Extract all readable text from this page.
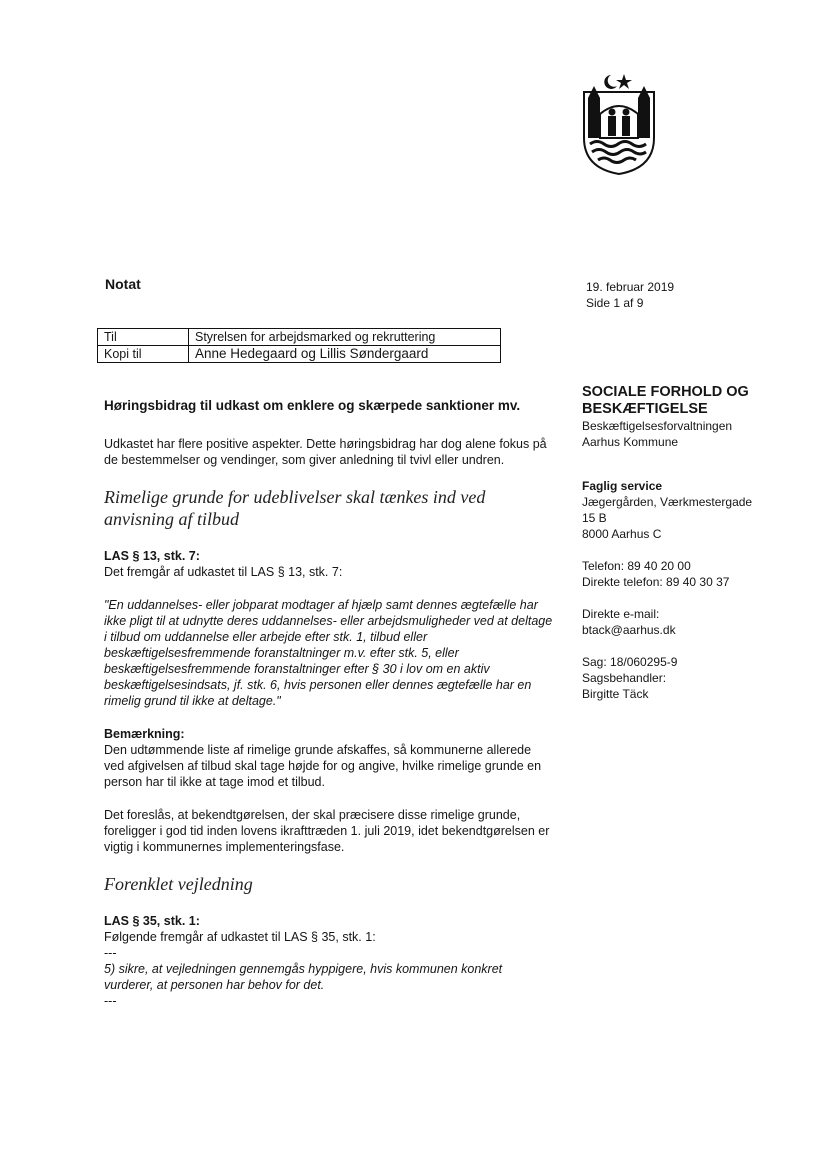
Notat	19. februar 2019
Side 1 af 9
Til	Styrelsen for arbejdsmarked og rekruttering
Kopi til	Anne Hedegaard og Lillis Søndergaard

Høringsbidrag til udkast om enklere og skærpede sanktioner mv.

Udkastet har flere positive aspekter. Dette høringsbidrag har dog alene fokus på de bestemmelser og vendinger, som giver anledning til tvivl eller undren.

Rimelige grunde for udeblivelser skal tænkes ind ved anvisning af tilbud

LAS § 13, stk. 7:

Det fremgår af udkastet til LAS § 13, stk. 7:

"En uddannelses- eller jobparat modtager af hjælp samt dennes ægtefælle har ikke pligt til at udnytte deres uddannelses- eller arbejdsmuligheder ved at deltage i tilbud om uddannelse eller arbejde efter stk. 1, tilbud eller beskæftigelsesfremmende foranstaltninger m.v. efter stk. 5, eller beskæftigelsesfremmende foranstaltninger efter § 30 i lov om en aktiv beskæftigelsesindsats, jf. stk. 6, hvis personen eller dennes ægtefælle har en rimelig grund til ikke at deltage."

Bemærkning:

Den udtømmende liste af rimelige grunde afskaffes, så kommunerne allerede ved afgivelsen af tilbud skal tage højde for og angive, hvilke rimelige grunde en person har til ikke at tage imod et tilbud.

Det foreslås, at bekendtgørelsen, der skal præcisere disse rimelige grunde, foreligger i god tid inden lovens ikrafttræden 1. juli 2019, idet bekendtgørelsen er vigtig i kommunernes implementeringsfase.

Forenklet vejledning

LAS § 35, stk. 1:

Følgende fremgår af udkastet til LAS § 35, stk. 1:

---

5) sikre, at vejledningen gennemgås hyppigere, hvis kommunen konkret vurderer, at personen har behov for det.

---

SOCIALE FORHOLD OG

BESKÆFTIGELSE

Beskæftigelsesforvaltningen

Aarhus Kommune

Faglig service

Jægergården, Værkmestergade

15 B

8000 Aarhus C

Telefon: 89 40 20 00

Direkte telefon: 89 40 30 37

Direkte e-mail:

btack@aarhus.dk

Sag: 18/060295-9

Sagsbehandler:

Birgitte Täck
